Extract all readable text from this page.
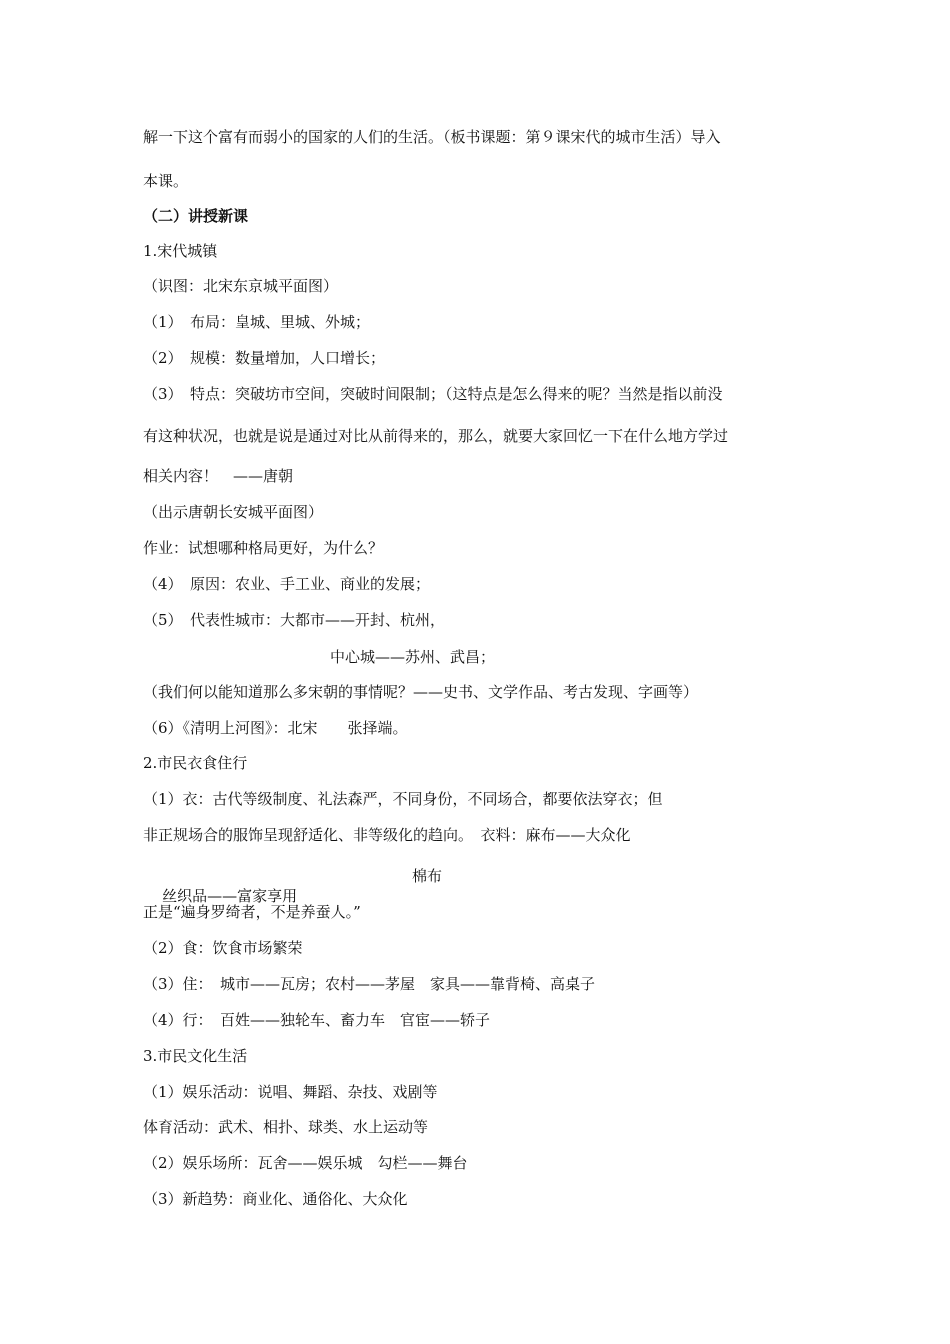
解一下这个富有而弱小的国家的人们的生活。（板书课题：第９课宋代的城市生活）导入
本课。
（二）讲授新课
1.宋代城镇
（识图：北宋东京城平面图）
（1）　布局：皇城、里城、外城；
（2）　规模：数量增加，人口增长；
（3）　特点：突破坊市空间，突破时间限制；（这特点是怎么得来的呢？当然是指以前没
有这种状况，也就是说是通过对比从前得来的，那么，就要大家回忆一下在什么地方学过
相关内容！　——唐朝
（出示唐朝长安城平面图）
作业：试想哪种格局更好，为什么？
（4）　原因：农业、手工业、商业的发展；
（5）　代表性城市：大都市——开封、杭州，
中心城——苏州、武昌；
（我们何以能知道那么多宋朝的事情呢？——史书、文学作品、考古发现、字画等）
（6）《清明上河图》：北宋　　张择端。
2.市民衣食住行
（1）衣：古代等级制度、礼法森严，不同身份，不同场合，都要依法穿衣；但
非正规场合的服饰呈现舒适化、非等级化的趋向。　衣料：麻布——大众化

丝织品——富家享用

棉布

正是“遍身罗绮者，不是养蚕人。”
（2）食：饮食市场繁荣
（3）住：　城市——瓦房；农村——茅屋　家具——靠背椅、高桌子
（4）行：　百姓——独轮车、畜力车　官宦——轿子
3.市民文化生活
（1）娱乐活动：说唱、舞蹈、杂技、戏剧等
体育活动：武术、相扑、球类、水上运动等
（2）娱乐场所：瓦舍——娱乐城　勾栏——舞台
（3）新趋势：商业化、通俗化、大众化
